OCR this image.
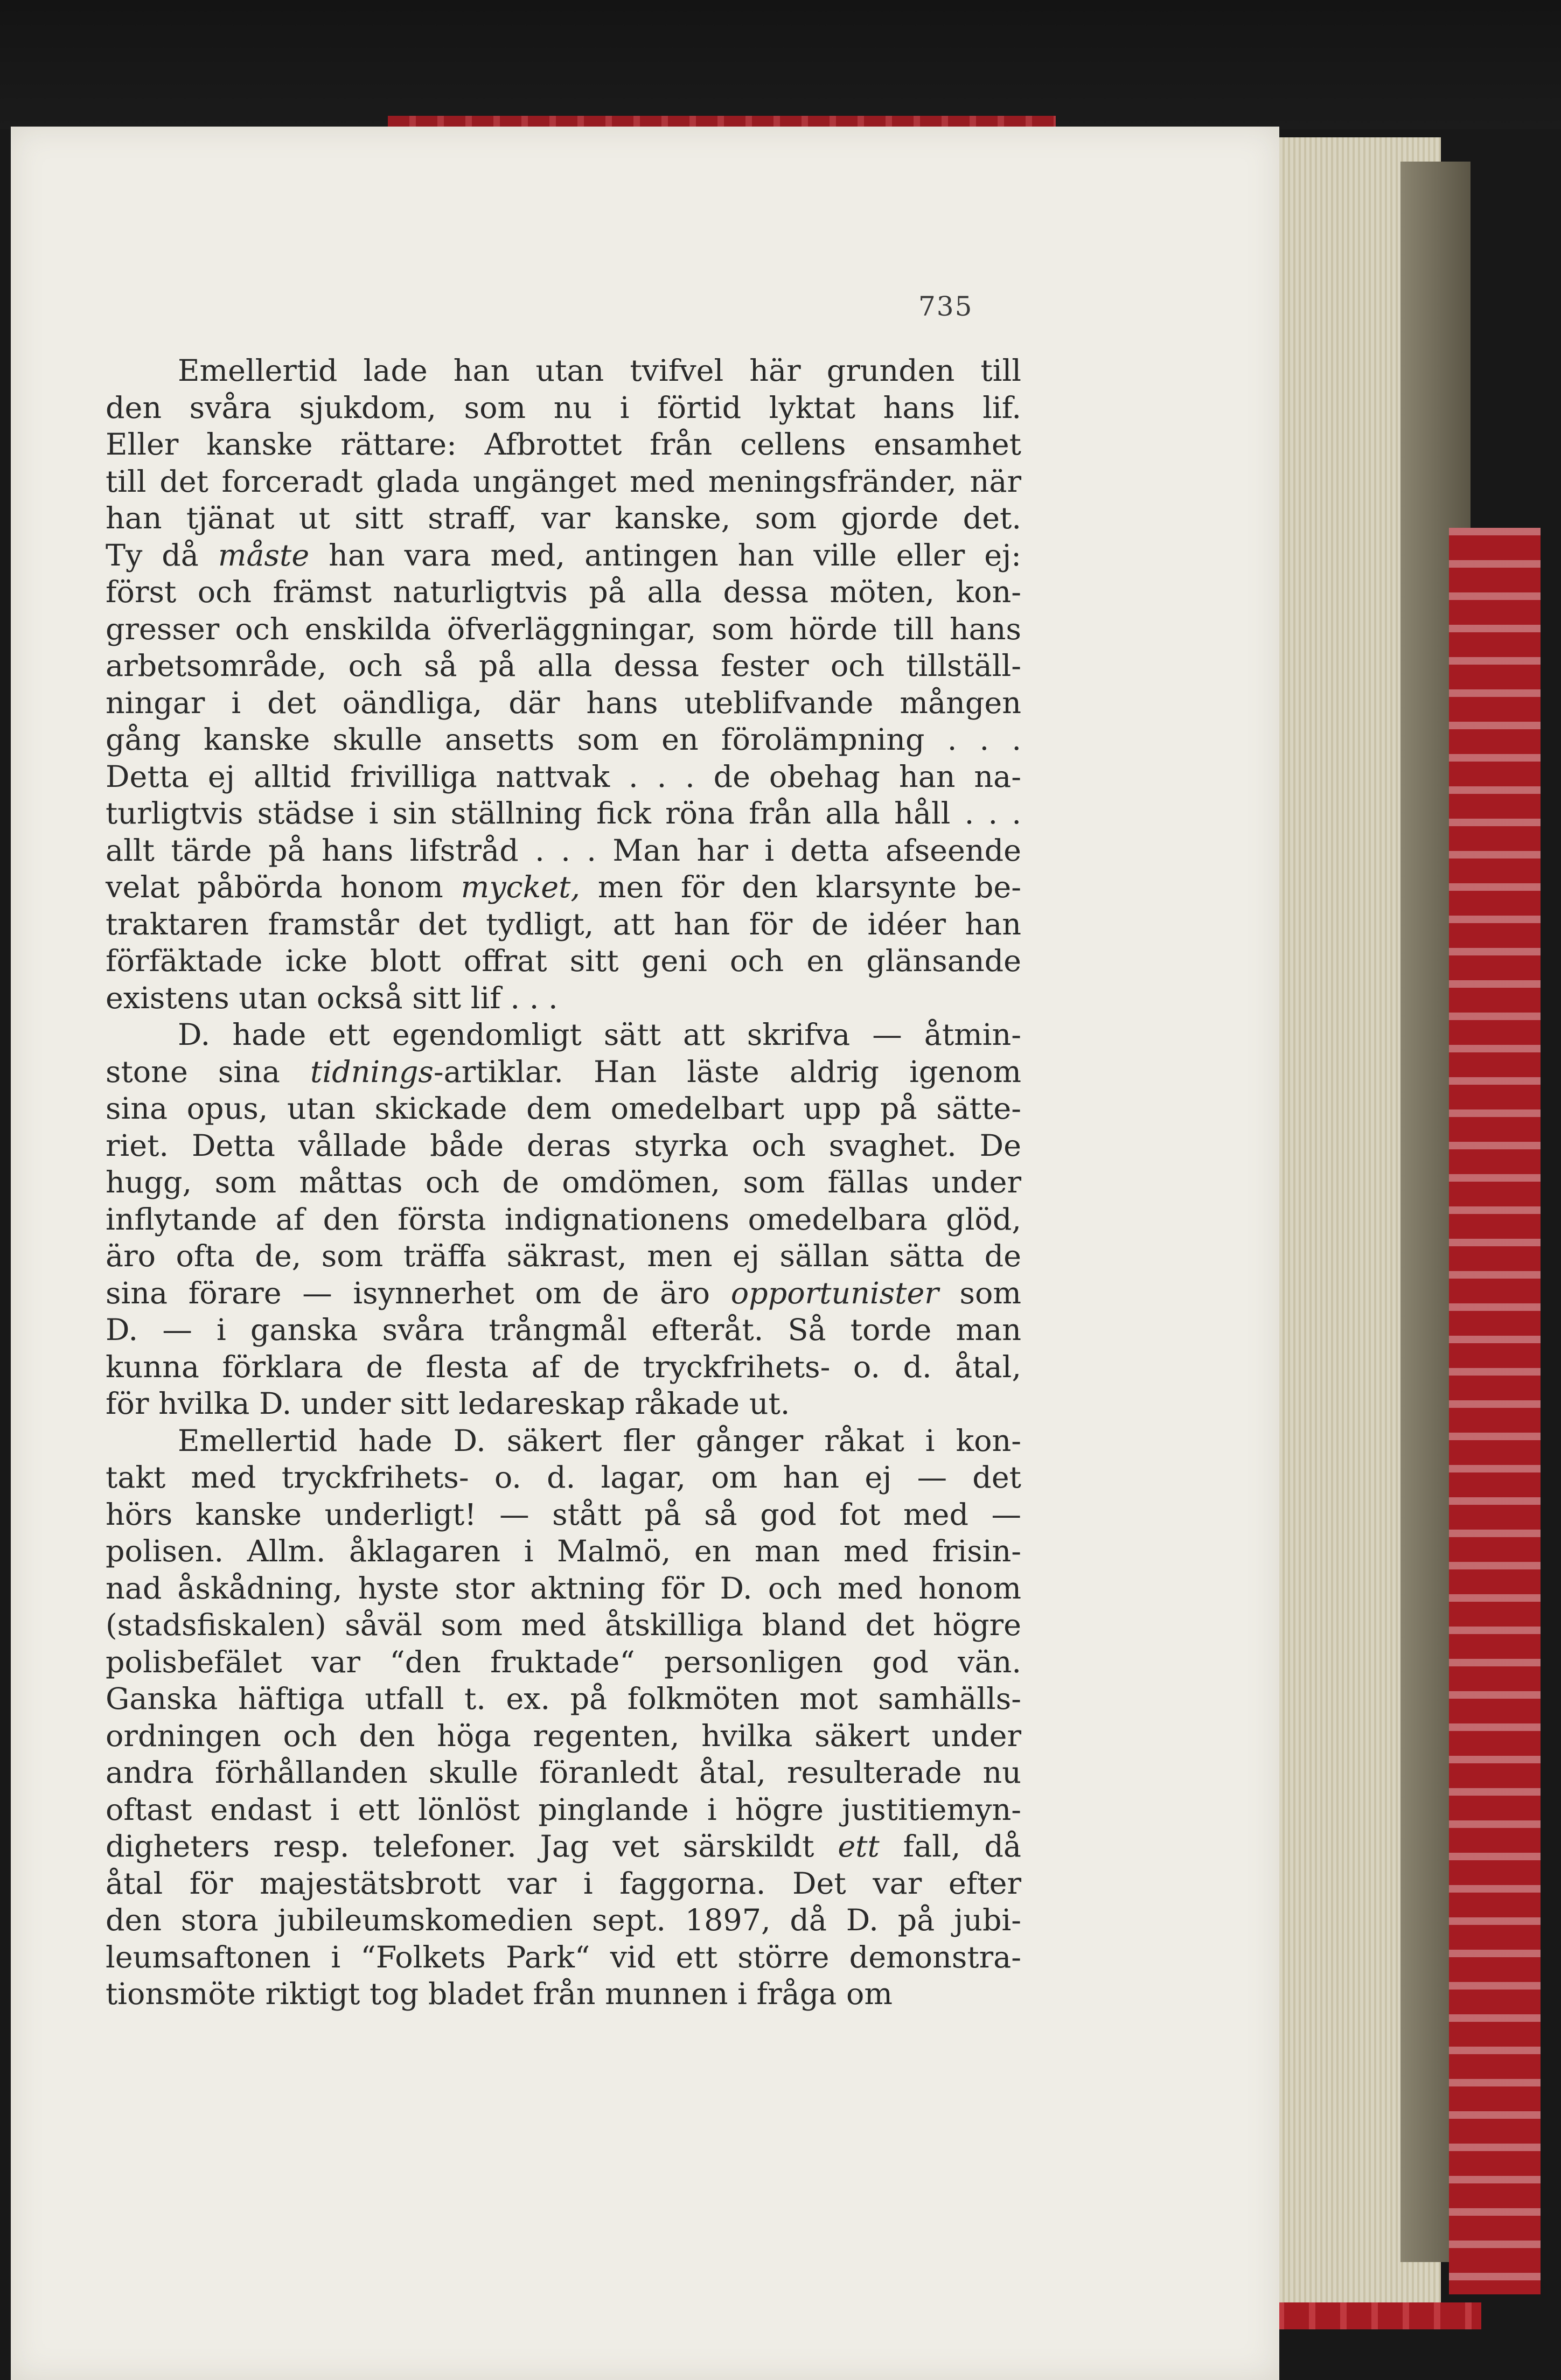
735
Emellertid lade han utan tvifvel här grunden till
den svåra sjukdom, som nu i förtid lyktat hans lif.
Eller kanske rättare: Afbrottet från cellens ensamhet
till det forceradt glada ungänget med meningsfränder, när
han tjänat ut sitt straff, var kanske, som gjorde det.
Ty då måste han vara med, antingen han ville eller ej:
först och främst naturligtvis på alla dessa möten, kon-
gresser och enskilda öfverläggningar, som hörde till hans
arbetsområde, och så på alla dessa fester och tillställ-
ningar i det oändliga, där hans uteblifvande mången
gång kanske skulle ansetts som en förolämpning . . .
Detta ej alltid frivilliga nattvak . . . de obehag han na-
turligtvis städse i sin ställning fick röna från alla håll . . .
allt tärde på hans lifstråd . . . Man har i detta afseende
velat påbörda honom mycket, men för den klarsynte be-
traktaren framstår det tydligt, att han för de idéer han
förfäktade icke blott offrat sitt geni och en glänsande
existens utan också sitt lif . . .
D. hade ett egendomligt sätt att skrifva — åtmin-
stone sina tidnings-artiklar. Han läste aldrig igenom
sina opus, utan skickade dem omedelbart upp på sätte-
riet. Detta vållade både deras styrka och svaghet. De
hugg, som måttas och de omdömen, som fällas under
inflytande af den första indignationens omedelbara glöd,
äro ofta de, som träffa säkrast, men ej sällan sätta de
sina förare — isynnerhet om de äro opportunister som
D. — i ganska svåra trångmål efteråt. Så torde man
kunna förklara de flesta af de tryckfrihets- o. d. åtal,
för hvilka D. under sitt ledareskap råkade ut.
Emellertid hade D. säkert fler gånger råkat i kon-
takt med tryckfrihets- o. d. lagar, om han ej — det
hörs kanske underligt! — stått på så god fot med —
polisen. Allm. åklagaren i Malmö, en man med frisin-
nad åskådning, hyste stor aktning för D. och med honom
(stadsfiskalen) såväl som med åtskilliga bland det högre
polisbefälet var “den fruktade“ personligen god vän.
Ganska häftiga utfall t. ex. på folkmöten mot samhälls-
ordningen och den höga regenten, hvilka säkert under
andra förhållanden skulle föranledt åtal, resulterade nu
oftast endast i ett lönlöst pinglande i högre justitiemyn-
digheters resp. telefoner. Jag vet särskildt ett fall, då
åtal för majestätsbrott var i faggorna. Det var efter
den stora jubileumskomedien sept. 1897, då D. på jubi-
leumsaftonen i “Folkets Park“ vid ett större demonstra-
tionsmöte riktigt tog bladet från munnen i fråga om
